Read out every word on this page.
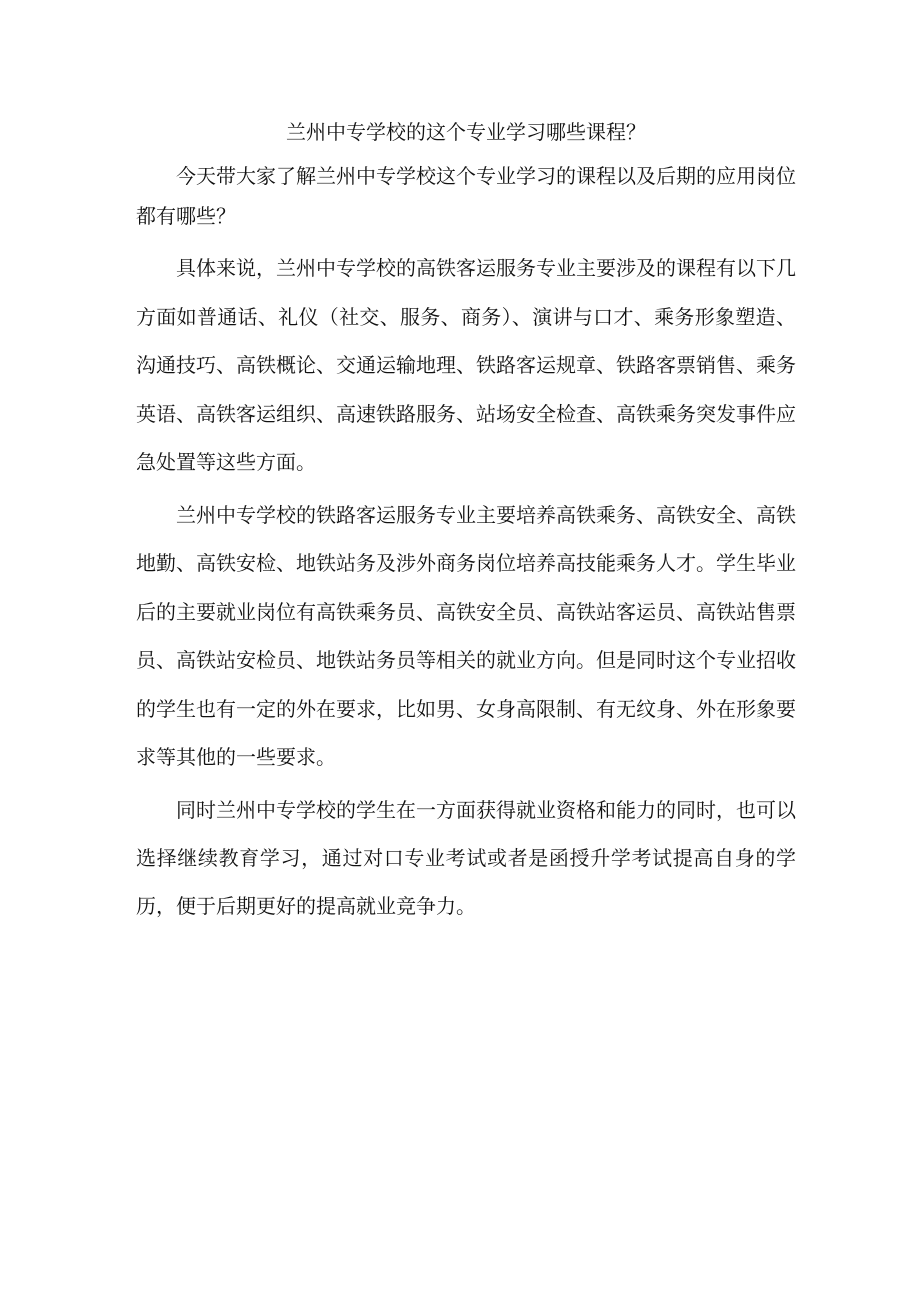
兰州中专学校的这个专业学习哪些课程？

今天带大家了解兰州中专学校这个专业学习的课程以及后期的应用岗位都有哪些？

具体来说，兰州中专学校的高铁客运服务专业主要涉及的课程有以下几方面如普通话、礼仪（社交、服务、商务）、演讲与口才、乘务形象塑造、沟通技巧、高铁概论、交通运输地理、铁路客运规章、铁路客票销售、乘务英语、高铁客运组织、高速铁路服务、站场安全检查、高铁乘务突发事件应急处置等这些方面。

兰州中专学校的铁路客运服务专业主要培养高铁乘务、高铁安全、高铁地勤、高铁安检、地铁站务及涉外商务岗位培养高技能乘务人才。学生毕业后的主要就业岗位有高铁乘务员、高铁安全员、高铁站客运员、高铁站售票员、高铁站安检员、地铁站务员等相关的就业方向。但是同时这个专业招收的学生也有一定的外在要求，比如男、女身高限制、有无纹身、外在形象要求等其他的一些要求。

同时兰州中专学校的学生在一方面获得就业资格和能力的同时，也可以选择继续教育学习，通过对口专业考试或者是函授升学考试提高自身的学历，便于后期更好的提高就业竞争力。
